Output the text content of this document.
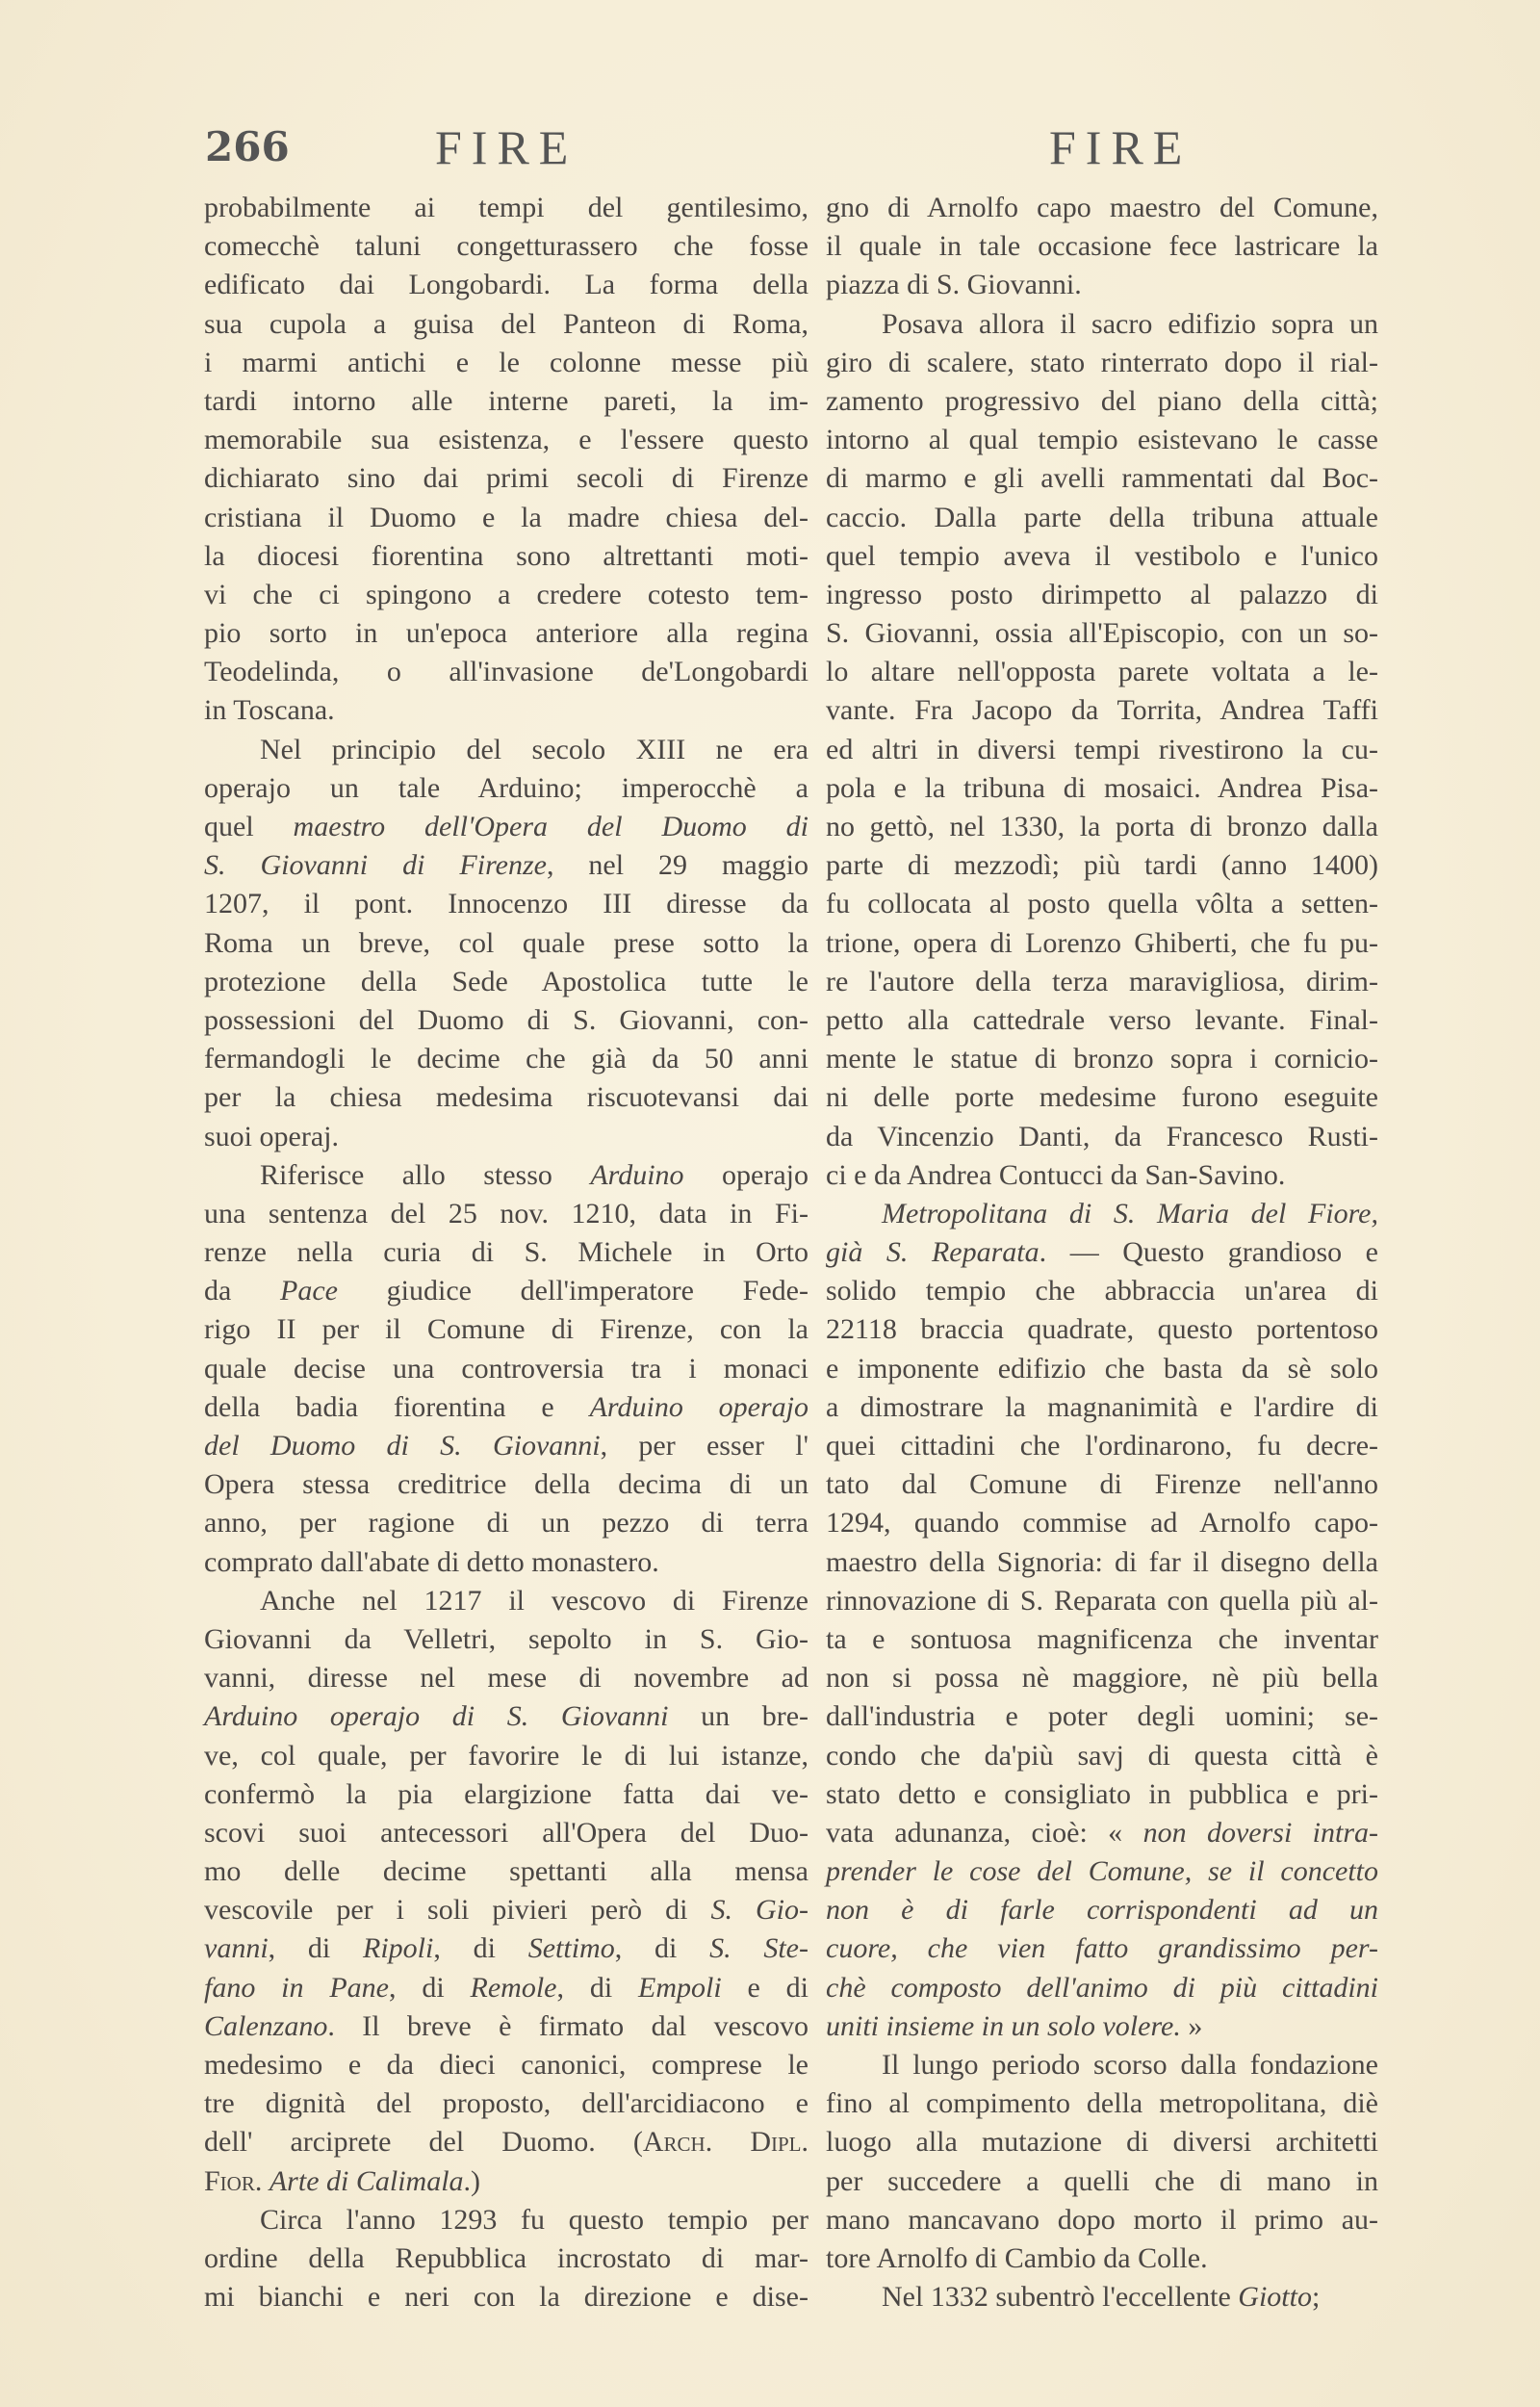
266	FIRE	FIRE
probabilmente ai tempi del gentilesimo,
comecchè taluni congetturassero che fosse
edificato dai Longobardi. La forma della
sua cupola a guisa del Panteon di Roma,
i marmi antichi e le colonne messe più
tardi intorno alle interne pareti, la im-
memorabile sua esistenza, e l'essere questo
dichiarato sino dai primi secoli di Firenze
cristiana il Duomo e la madre chiesa del-
la diocesi fiorentina sono altrettanti moti-
vi che ci spingono a credere cotesto tem-
pio sorto in un'epoca anteriore alla regina
Teodelinda, o all'invasione de'Longobardi
in Toscana.
Nel principio del secolo XIII ne era
operajo un tale Arduino; imperocchè a
quel maestro dell'Opera del Duomo di
S. Giovanni di Firenze, nel 29 maggio
1207, il pont. Innocenzo III diresse da
Roma un breve, col quale prese sotto la
protezione della Sede Apostolica tutte le
possessioni del Duomo di S. Giovanni, con-
fermandogli le decime che già da 50 anni
per la chiesa medesima riscuotevansi dai
suoi operaj.
Riferisce allo stesso Arduino operajo
una sentenza del 25 nov. 1210, data in Fi-
renze nella curia di S. Michele in Orto
da Pace giudice dell'imperatore Fede-
rigo II per il Comune di Firenze, con la
quale decise una controversia tra i monaci
della badia fiorentina e Arduino operajo
del Duomo di S. Giovanni, per esser l'
Opera stessa creditrice della decima di un
anno, per ragione di un pezzo di terra
comprato dall'abate di detto monastero.
Anche nel 1217 il vescovo di Firenze
Giovanni da Velletri, sepolto in S. Gio-
vanni, diresse nel mese di novembre ad
Arduino operajo di S. Giovanni un bre-
ve, col quale, per favorire le di lui istanze,
confermò la pia elargizione fatta dai ve-
scovi suoi antecessori all'Opera del Duo-
mo delle decime spettanti alla mensa
vescovile per i soli pivieri però di S. Gio-
vanni, di Ripoli, di Settimo, di S. Ste-
fano in Pane, di Remole, di Empoli e di
Calenzano. Il breve è firmato dal vescovo
medesimo e da dieci canonici, comprese le
tre dignità del proposto, dell'arcidiacono e
dell' arciprete del Duomo. (Arch. Dipl.
Fior. Arte di Calimala.)
Circa l'anno 1293 fu questo tempio per
ordine della Repubblica incrostato di mar-
mi bianchi e neri con la direzione e dise-
gno di Arnolfo capo maestro del Comune,
il quale in tale occasione fece lastricare la
piazza di S. Giovanni.
Posava allora il sacro edifizio sopra un
giro di scalere, stato rinterrato dopo il rial-
zamento progressivo del piano della città;
intorno al qual tempio esistevano le casse
di marmo e gli avelli rammentati dal Boc-
caccio. Dalla parte della tribuna attuale
quel tempio aveva il vestibolo e l'unico
ingresso posto dirimpetto al palazzo di
S. Giovanni, ossia all'Episcopio, con un so-
lo altare nell'opposta parete voltata a le-
vante. Fra Jacopo da Torrita, Andrea Taffi
ed altri in diversi tempi rivestirono la cu-
pola e la tribuna di mosaici. Andrea Pisa-
no gettò, nel 1330, la porta di bronzo dalla
parte di mezzodì; più tardi (anno 1400)
fu collocata al posto quella vôlta a setten-
trione, opera di Lorenzo Ghiberti, che fu pu-
re l'autore della terza maravigliosa, dirim-
petto alla cattedrale verso levante. Final-
mente le statue di bronzo sopra i cornicio-
ni delle porte medesime furono eseguite
da Vincenzio Danti, da Francesco Rusti-
ci e da Andrea Contucci da San-Savino.
Metropolitana di S. Maria del Fiore,
già S. Reparata. — Questo grandioso e
solido tempio che abbraccia un'area di
22118 braccia quadrate, questo portentoso
e imponente edifizio che basta da sè solo
a dimostrare la magnanimità e l'ardire di
quei cittadini che l'ordinarono, fu decre-
tato dal Comune di Firenze nell'anno
1294, quando commise ad Arnolfo capo-
maestro della Signoria: di far il disegno della
rinnovazione di S. Reparata con quella più al-
ta e sontuosa magnificenza che inventar
non si possa nè maggiore, nè più bella
dall'industria e poter degli uomini; se-
condo che da'più savj di questa città è
stato detto e consigliato in pubblica e pri-
vata adunanza, cioè: « non doversi intra-
prender le cose del Comune, se il concetto
non è di farle corrispondenti ad un
cuore, che vien fatto grandissimo per-
chè composto dell'animo di più cittadini
uniti insieme in un solo volere. »
Il lungo periodo scorso dalla fondazione
fino al compimento della metropolitana, diè
luogo alla mutazione di diversi architetti
per succedere a quelli che di mano in
mano mancavano dopo morto il primo au-
tore Arnolfo di Cambio da Colle.
Nel 1332 subentrò l'eccellente Giotto;
